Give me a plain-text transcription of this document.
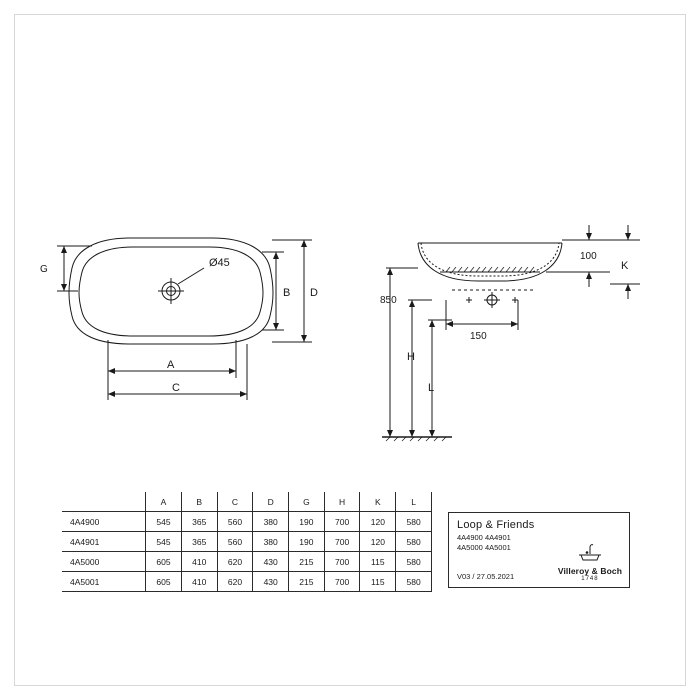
G
Ø45
B D
A
C
100
K
850
H
L
150
	A	B	C	D	G	H	K	L
4A4900	545	365	560	380	190	700	120	580
4A4901	545	365	560	380	190	700	120	580
4A5000	605	410	620	430	215	700	115	580
4A5001	605	410	620	430	215	700	115	580
Loop & Friends
4A4900 4A4901
4A5000 4A5001
V03 / 27.05.2021
Villeroy & Boch
1748
